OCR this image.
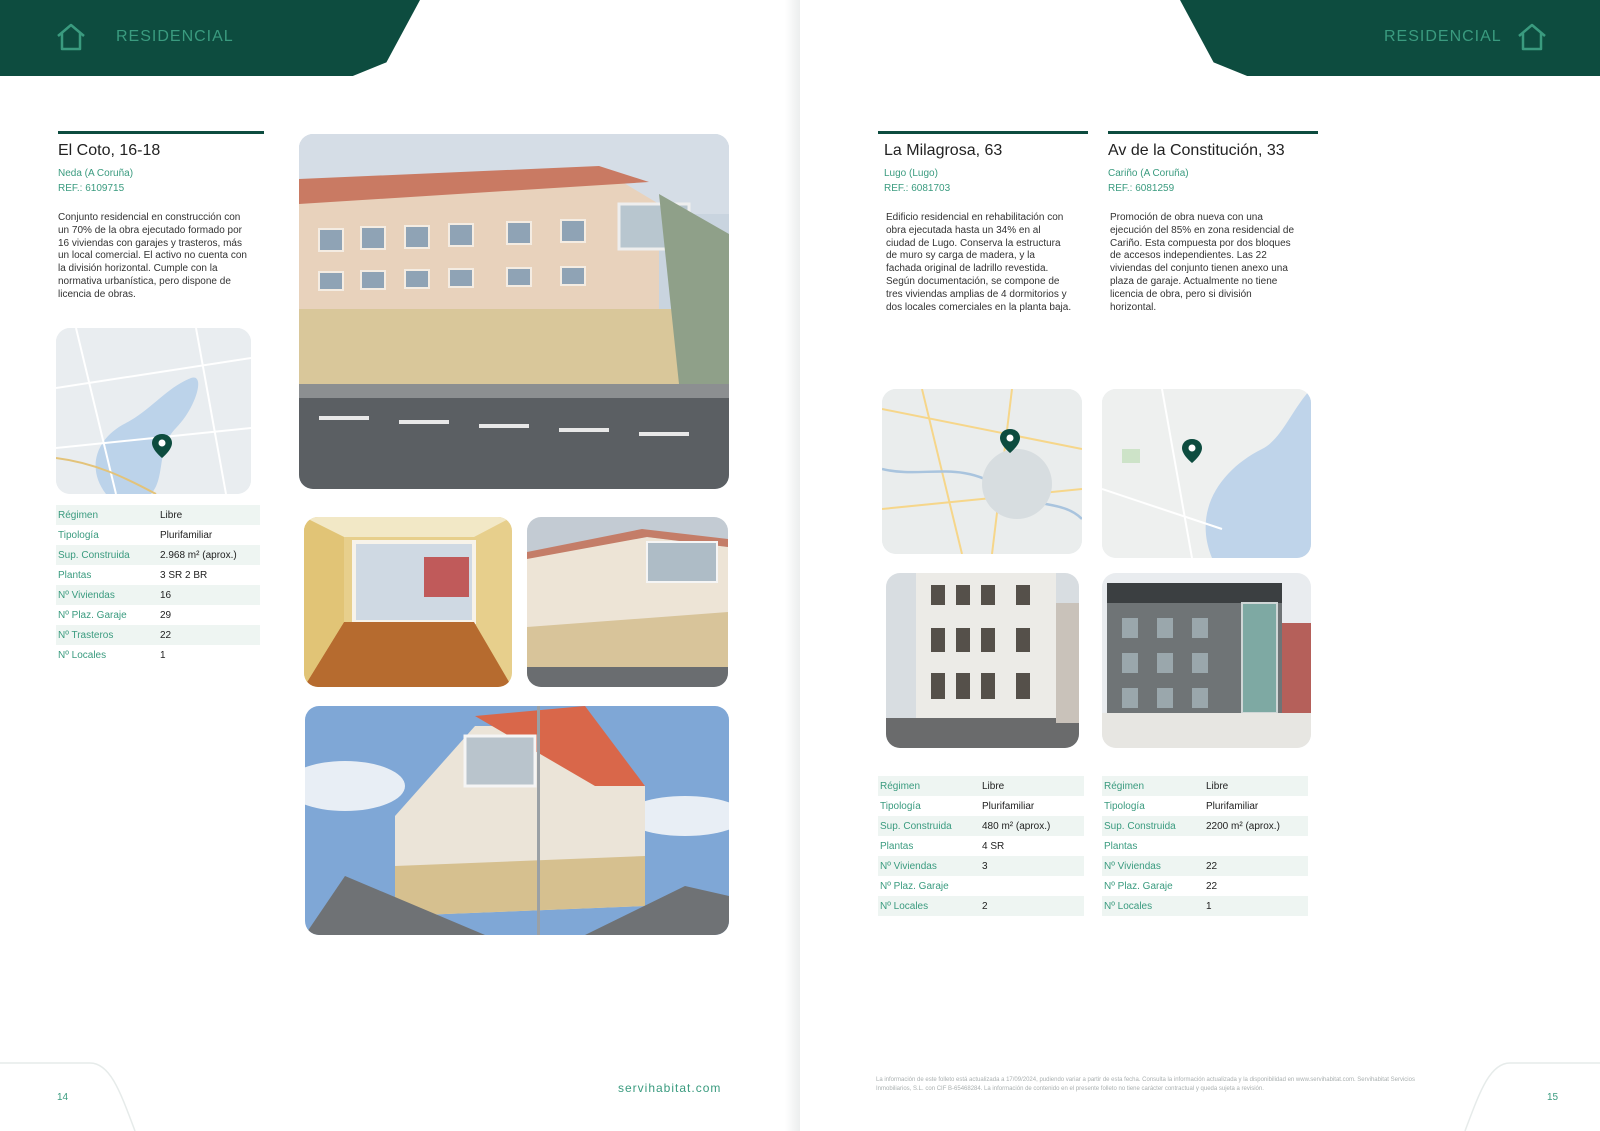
RESIDENCIAL
El Coto, 16-18
Neda (A Coruña)
REF.: 6109715
Conjunto residencial en construcción con un 70% de la obra ejecutado formado por 16 viviendas con garajes y trasteros, más un local comercial. El activo no cuenta con la división horizontal. Cumple con la normativa urbanística, pero dispone de licencia de obras.
Régimen	Libre
Tipología	Plurifamiliar
Sup. Construida	2.968 m² (aprox.)
Plantas	3 SR 2 BR
Nº Viviendas	16
Nº Plaz. Garaje	29
Nº Trasteros	22
Nº Locales	1
14
servihabitat.com
RESIDENCIAL
La Milagrosa, 63
Lugo (Lugo)
REF.: 6081703
Edificio residencial en rehabilitación con obra ejecutada hasta un 34% en al ciudad de Lugo. Conserva la estructura de muro sy carga de madera, y la fachada original de ladrillo revestida. Según documentación, se compone de tres viviendas amplias de 4 dormitorios y dos locales comerciales en la planta baja.
Av de la Constitución, 33
Cariño (A Coruña)
REF.: 6081259
Promoción de obra nueva con una ejecución del 85% en zona residencial de Cariño. Esta compuesta por dos bloques de accesos independientes. Las 22 viviendas del conjunto tienen anexo una plaza de garaje. Actualmente no tiene licencia de obra, pero si división horizontal.
Régimen	Libre
Tipología	Plurifamiliar
Sup. Construida	480 m² (aprox.)
Plantas	4 SR
Nº Viviendas	3
Nº Plaz. Garaje	
Nº Locales	2
Régimen	Libre
Tipología	Plurifamiliar
Sup. Construida	2200 m² (aprox.)
Plantas	
Nº Viviendas	22
Nº Plaz. Garaje	22
Nº Locales	1
La información de este folleto está actualizada a 17/09/2024, pudiendo variar a partir de esta fecha. Consulta la información actualizada y la disponibilidad en www.servihabitat.com. Servihabitat Servicios Inmobiliarios, S.L. con CIF B-65468284. La información de contenido en el presente folleto no tiene carácter contractual y queda sujeta a revisión.
15
